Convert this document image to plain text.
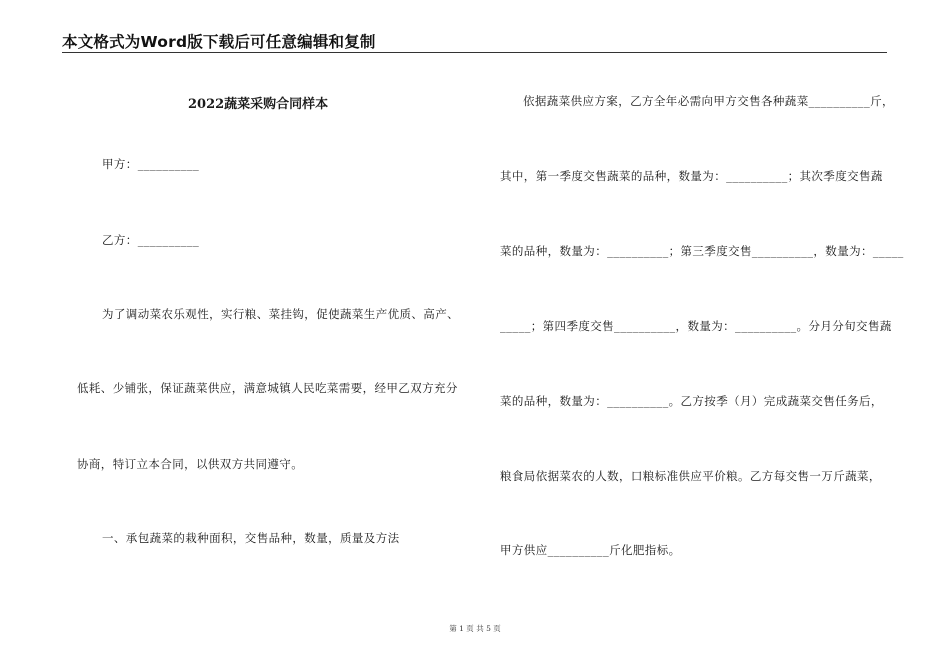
本文格式为Word版下载后可任意编辑和复制
2022蔬菜采购合同样本
甲方：__________
乙方：__________
为了调动菜农乐观性，实行粮、菜挂钩，促使蔬菜生产优质、高产、
低耗、少铺张，保证蔬菜供应，满意城镇人民吃菜需要，经甲乙双方充分
协商，特订立本合同，以供双方共同遵守。
一、承包蔬菜的栽种面积，交售品种，数量，质量及方法
依据蔬菜供应方案，乙方全年必需向甲方交售各种蔬菜__________斤，
其中，第一季度交售蔬菜的品种，数量为：__________；其次季度交售蔬
菜的品种，数量为：__________；第三季度交售__________，数量为：_____
_____；第四季度交售__________，数量为：__________。分月分旬交售蔬
菜的品种，数量为：__________。乙方按季（月）完成蔬菜交售任务后，
粮食局依据菜农的人数，口粮标准供应平价粮。乙方每交售一万斤蔬菜，
甲方供应__________斤化肥指标。
第 1 页 共 5 页
